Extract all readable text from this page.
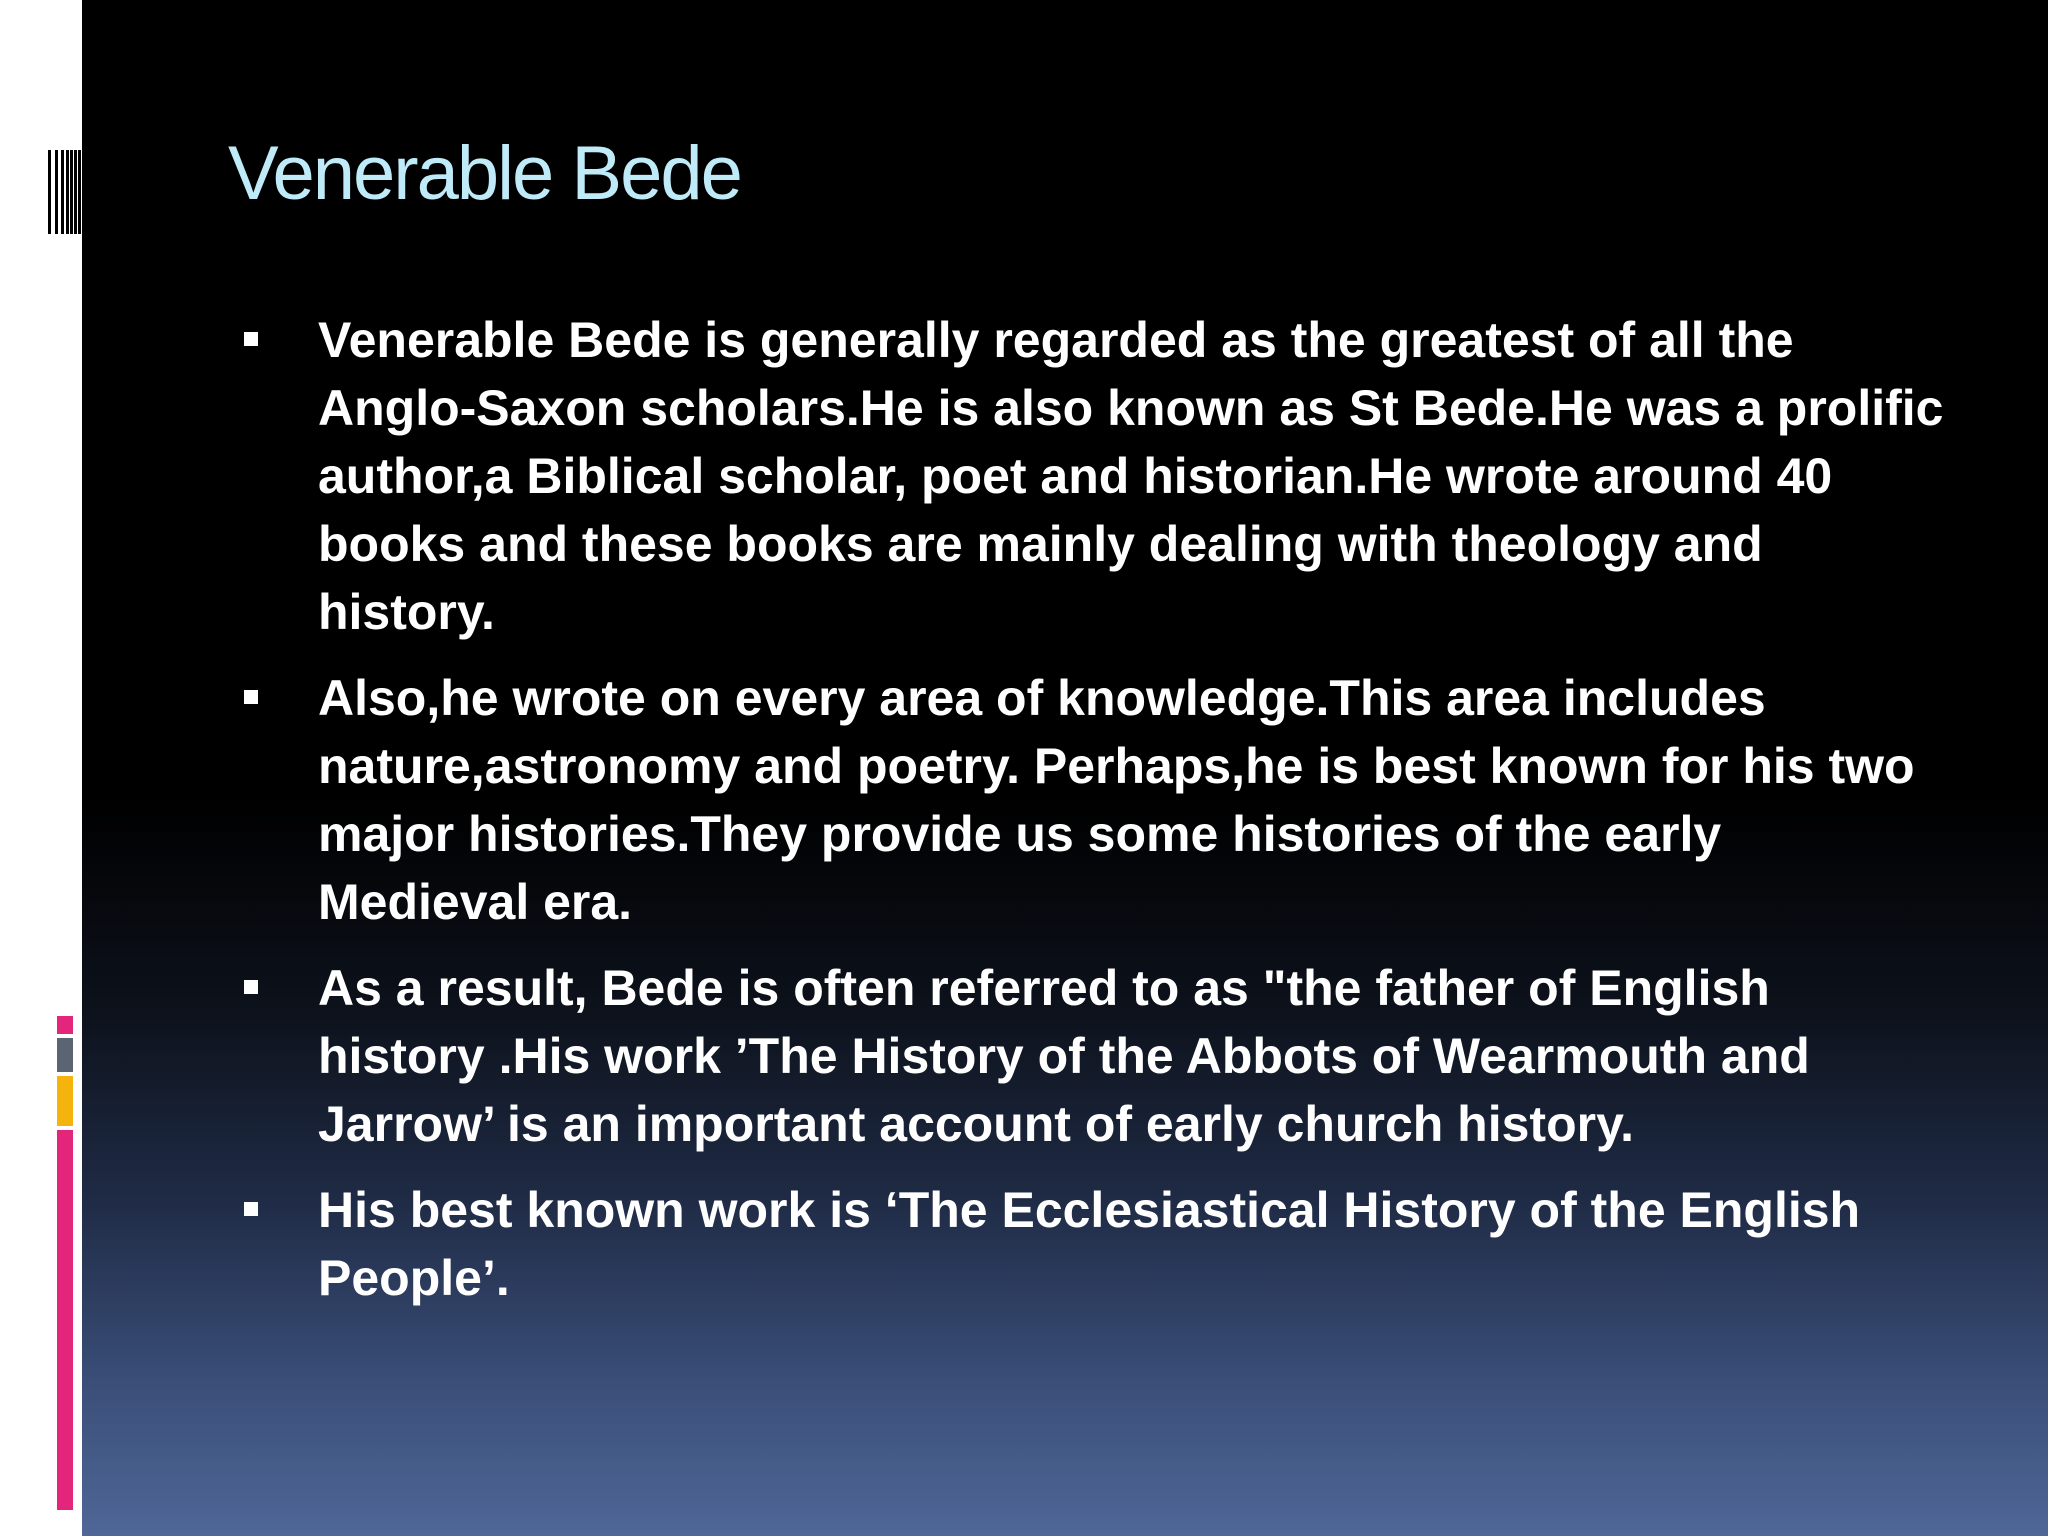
Venerable Bede
Venerable Bede is generally regarded as the greatest of all the Anglo-Saxon scholars.He is also known as St Bede.He was a prolific author,a Biblical scholar, poet and historian.He wrote around 40 books and these books are mainly dealing with theology and history.
Also,he wrote on every area of knowledge.This area includes nature,astronomy and poetry. Perhaps,he is best known for his two major histories.They provide us some histories of the early Medieval era.
As a result, Bede is often referred to as "the father of English history .His work ’The History of the Abbots of Wearmouth and Jarrow’ is an important account of early church history.
His best known work is ‘The Ecclesiastical History of the English People’.
